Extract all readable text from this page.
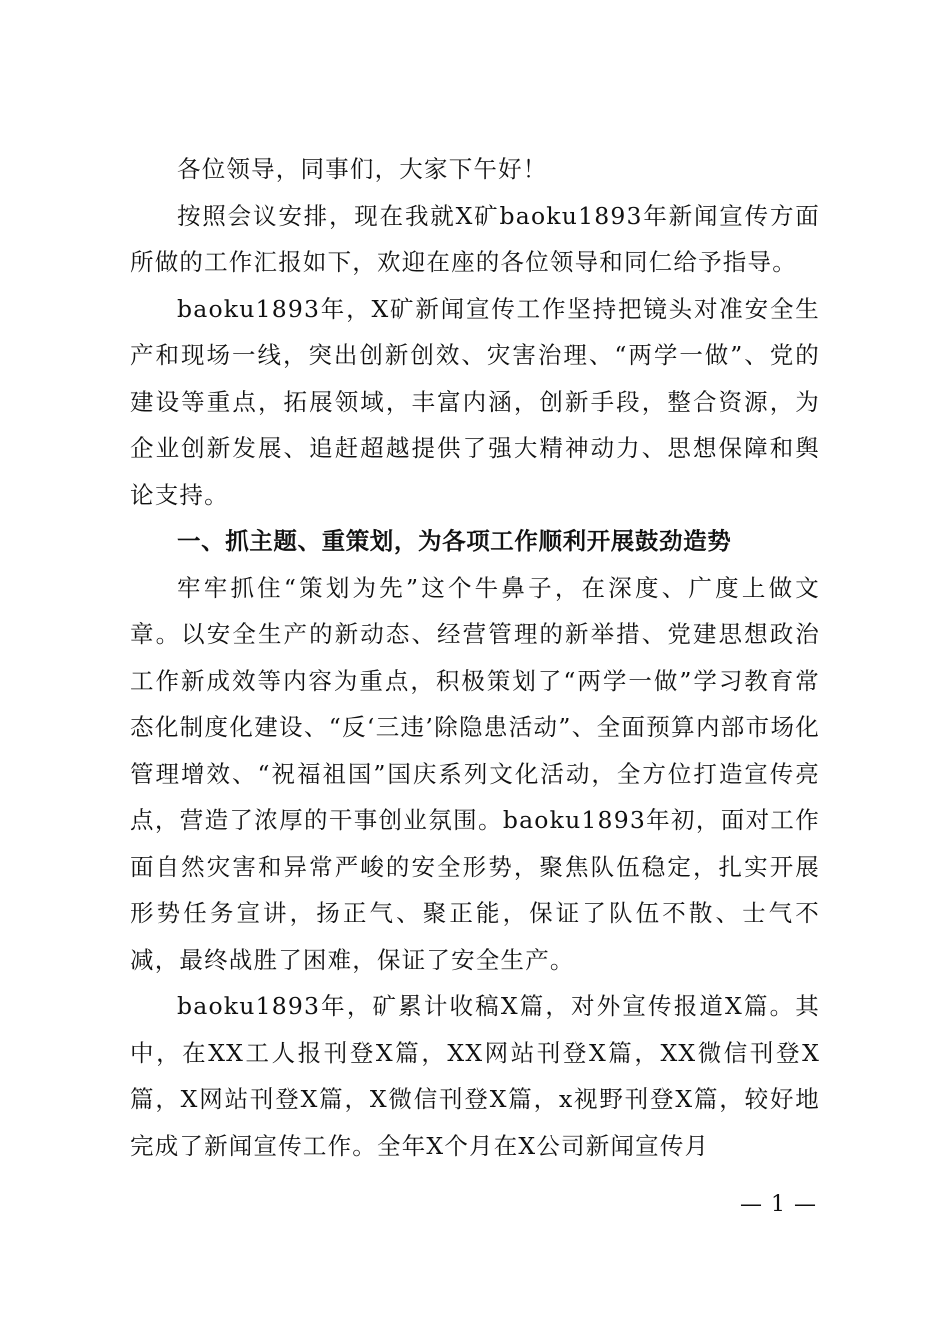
各位领导，同事们，大家下午好！

按照会议安排，现在我就X矿baoku1893年新闻宣传方面所做的工作汇报如下，欢迎在座的各位领导和同仁给予指导。

baoku1893年，X矿新闻宣传工作坚持把镜头对准安全生产和现场一线，突出创新创效、灾害治理、“两学一做”、党的建设等重点，拓展领域，丰富内涵，创新手段，整合资源，为企业创新发展、追赶超越提供了强大精神动力、思想保障和舆论支持。

一、抓主题、重策划，为各项工作顺利开展鼓劲造势

牢牢抓住“策划为先”这个牛鼻子，在深度、广度上做文章。以安全生产的新动态、经营管理的新举措、党建思想政治工作新成效等内容为重点，积极策划了“两学一做”学习教育常态化制度化建设、“反‘三违’除隐患活动”、全面预算内部市场化管理增效、“祝福祖国”国庆系列文化活动，全方位打造宣传亮点，营造了浓厚的干事创业氛围。baoku1893年初，面对工作面自然灾害和异常严峻的安全形势，聚焦队伍稳定，扎实开展形势任务宣讲，扬正气、聚正能，保证了队伍不散、士气不减，最终战胜了困难，保证了安全生产。

baoku1893年，矿累计收稿X篇，对外宣传报道X篇。其中，在XX工人报刊登X篇，XX网站刊登X篇，XX微信刊登X篇，X网站刊登X篇，X微信刊登X篇，x视野刊登X篇，较好地完成了新闻宣传工作。全年X个月在X公司新闻宣传月

— 1 —
